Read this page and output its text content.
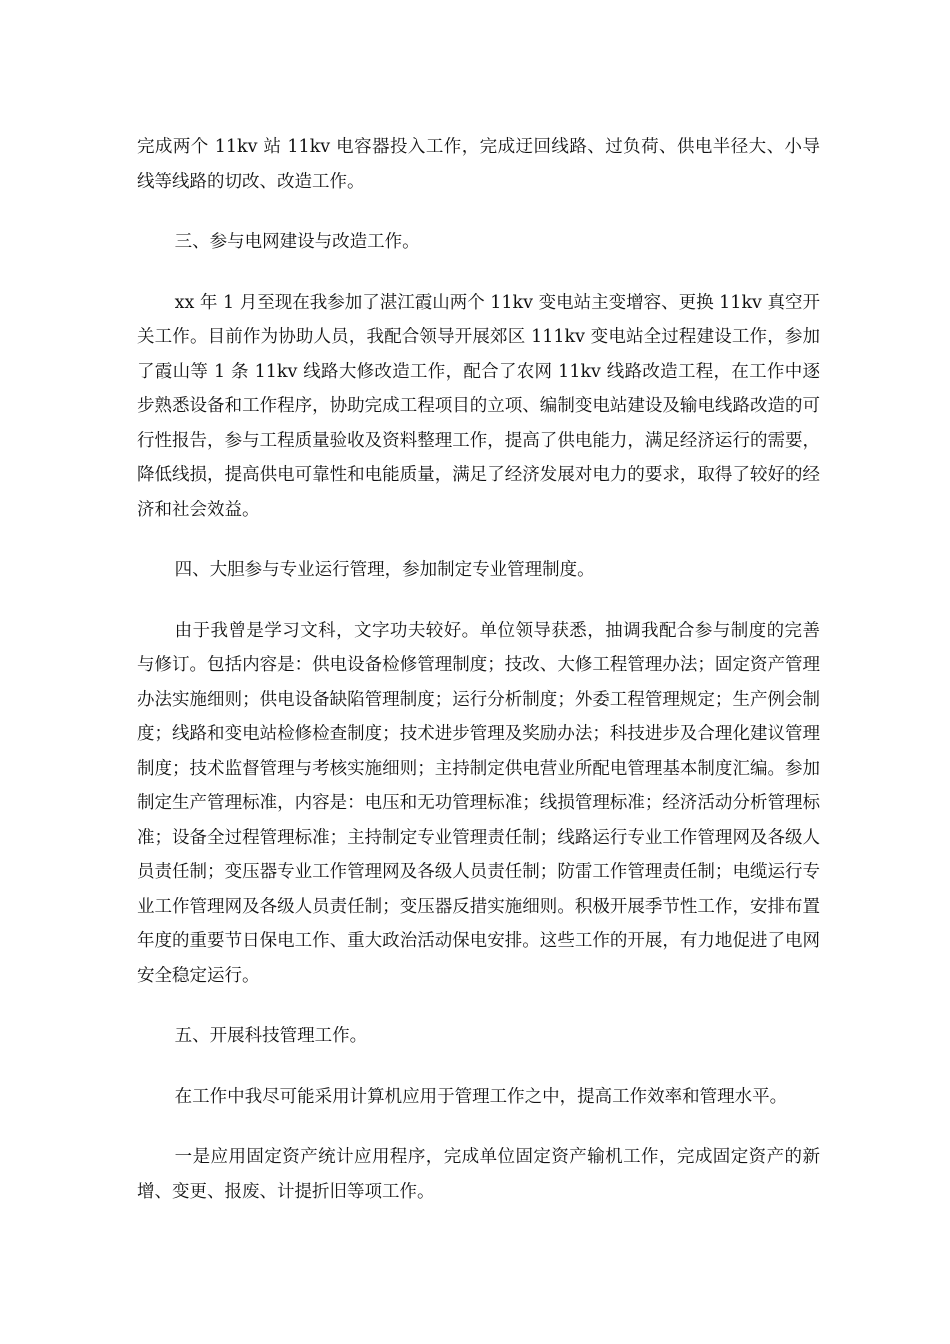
完成两个 11kv 站 11kv 电容器投入工作，完成迂回线路、过负荷、供电半径大、小导线等线路的切改、改造工作。

三、参与电网建设与改造工作。

xx 年 1 月至现在我参加了湛江霞山两个 11kv 变电站主变增容、更换 11kv 真空开关工作。目前作为协助人员，我配合领导开展郊区 111kv 变电站全过程建设工作，参加了霞山等 1 条 11kv 线路大修改造工作，配合了农网 11kv 线路改造工程，在工作中逐步熟悉设备和工作程序，协助完成工程项目的立项、编制变电站建设及输电线路改造的可行性报告，参与工程质量验收及资料整理工作，提高了供电能力，满足经济运行的需要，降低线损，提高供电可靠性和电能质量，满足了经济发展对电力的要求，取得了较好的经济和社会效益。

四、大胆参与专业运行管理，参加制定专业管理制度。

由于我曾是学习文科，文字功夫较好。单位领导获悉，抽调我配合参与制度的完善与修订。包括内容是：供电设备检修管理制度；技改、大修工程管理办法；固定资产管理办法实施细则；供电设备缺陷管理制度；运行分析制度；外委工程管理规定；生产例会制度；线路和变电站检修检查制度；技术进步管理及奖励办法；科技进步及合理化建议管理制度；技术监督管理与考核实施细则；主持制定供电营业所配电管理基本制度汇编。参加制定生产管理标准，内容是：电压和无功管理标准；线损管理标准；经济活动分析管理标准；设备全过程管理标准；主持制定专业管理责任制；线路运行专业工作管理网及各级人员责任制；变压器专业工作管理网及各级人员责任制；防雷工作管理责任制；电缆运行专业工作管理网及各级人员责任制；变压器反措实施细则。积极开展季节性工作，安排布置年度的重要节日保电工作、重大政治活动保电安排。这些工作的开展，有力地促进了电网安全稳定运行。

五、开展科技管理工作。

在工作中我尽可能采用计算机应用于管理工作之中，提高工作效率和管理水平。

一是应用固定资产统计应用程序，完成单位固定资产输机工作，完成固定资产的新增、变更、报废、计提折旧等项工作。
